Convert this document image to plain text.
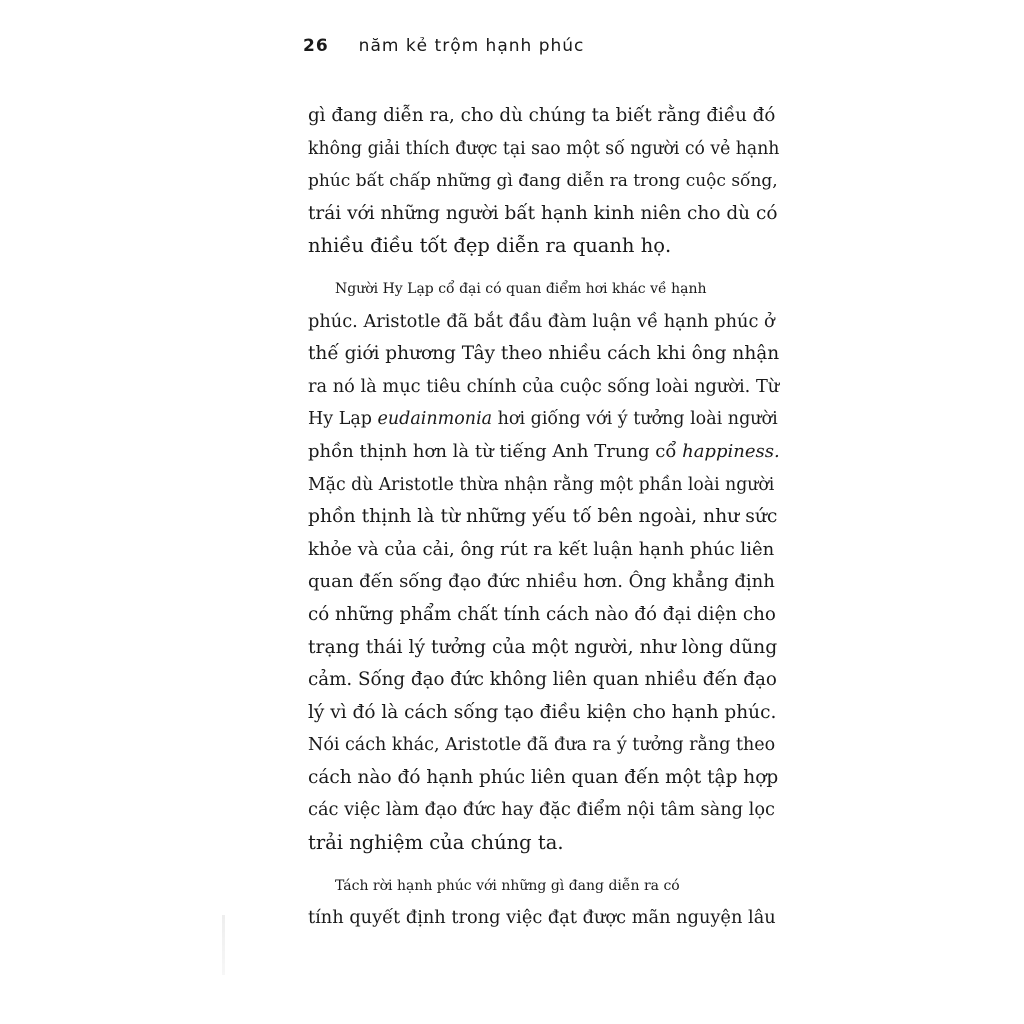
26 năm kẻ trộm hạnh phúc
gì đang diễn ra, cho dù chúng ta biết rằng điều đó
không giải thích được tại sao một số người có vẻ hạnh
phúc bất chấp những gì đang diễn ra trong cuộc sống,
trái với những người bất hạnh kinh niên cho dù có
nhiều điều tốt đẹp diễn ra quanh họ.
Người Hy Lạp cổ đại có quan điểm hơi khác về hạnh
phúc. Aristotle đã bắt đầu đàm luận về hạnh phúc ở
thế giới phương Tây theo nhiều cách khi ông nhận
ra nó là mục tiêu chính của cuộc sống loài người. Từ
Hy Lạp eudainmonia hơi giống với ý tưởng loài người
phồn thịnh hơn là từ tiếng Anh Trung cổ happiness.
Mặc dù Aristotle thừa nhận rằng một phần loài người
phồn thịnh là từ những yếu tố bên ngoài, như sức
khỏe và của cải, ông rút ra kết luận hạnh phúc liên
quan đến sống đạo đức nhiều hơn. Ông khẳng định
có những phẩm chất tính cách nào đó đại diện cho
trạng thái lý tưởng của một người, như lòng dũng
cảm. Sống đạo đức không liên quan nhiều đến đạo
lý vì đó là cách sống tạo điều kiện cho hạnh phúc.
Nói cách khác, Aristotle đã đưa ra ý tưởng rằng theo
cách nào đó hạnh phúc liên quan đến một tập hợp
các việc làm đạo đức hay đặc điểm nội tâm sàng lọc
trải nghiệm của chúng ta.
Tách rời hạnh phúc với những gì đang diễn ra có
tính quyết định trong việc đạt được mãn nguyện lâu
